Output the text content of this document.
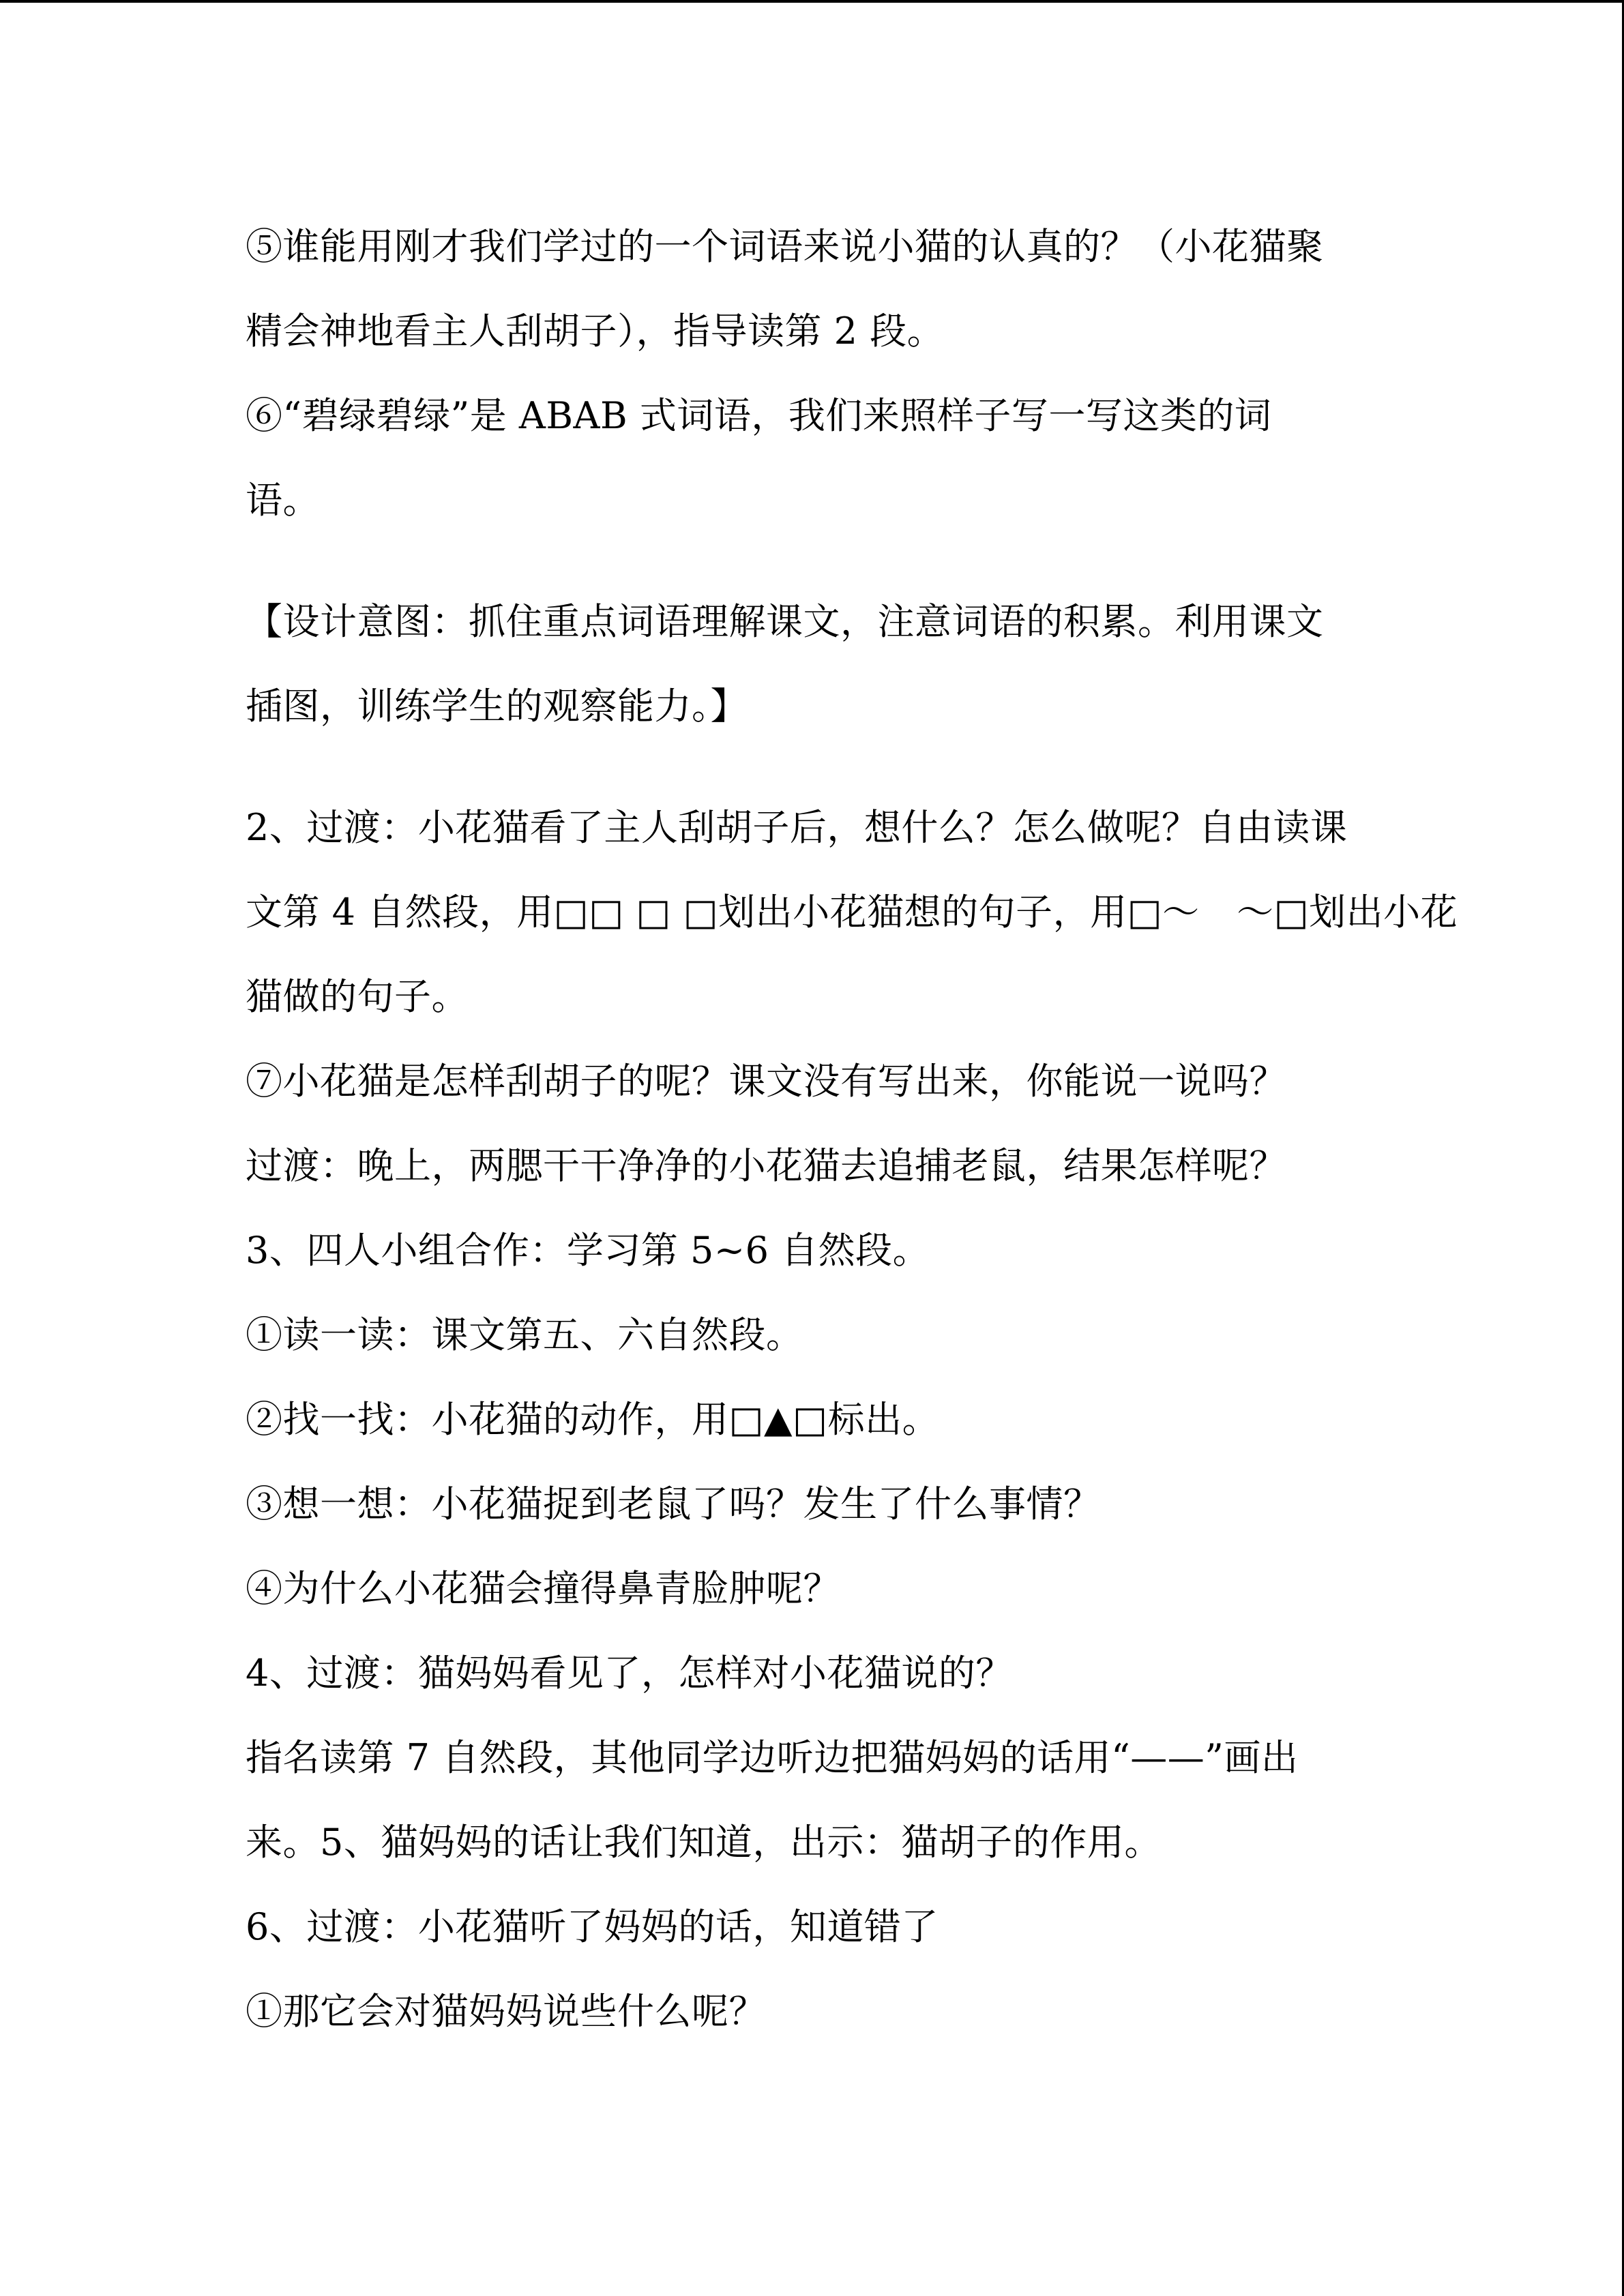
⑤谁能用刚才我们学过的一个词语来说小猫的认真的？（小花猫聚
精会神地看主人刮胡子），指导读第 2 段。
⑥“碧绿碧绿”是 ABAB 式词语，我们来照样子写一写这类的词
语。
【设计意图：抓住重点词语理解课文，注意词语的积累。利用课文
插图，训练学生的观察能力。】
2、过渡：小花猫看了主人刮胡子后，想什么？怎么做呢？自由读课
文第 4 自然段，用□□ □ □划出小花猫想的句子，用□～　～□划出小花
猫做的句子。
⑦小花猫是怎样刮胡子的呢？课文没有写出来，你能说一说吗？
过渡：晚上，两腮干干净净的小花猫去追捕老鼠，结果怎样呢？
3、四人小组合作：学习第 5~6 自然段。
①读一读：课文第五、六自然段。
②找一找：小花猫的动作，用□▲□标出。
③想一想：小花猫捉到老鼠了吗？发生了什么事情？
④为什么小花猫会撞得鼻青脸肿呢？
4、过渡：猫妈妈看见了，怎样对小花猫说的？
指名读第 7 自然段，其他同学边听边把猫妈妈的话用“——”画出
来。5、猫妈妈的话让我们知道，出示：猫胡子的作用。
6、过渡：小花猫听了妈妈的话，知道错了
①那它会对猫妈妈说些什么呢？
